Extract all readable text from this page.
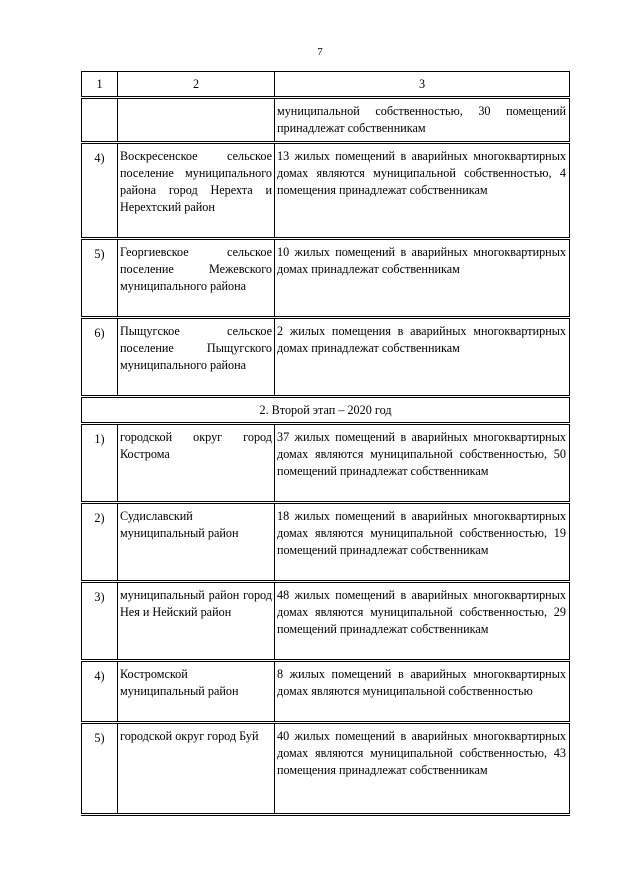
7
1	2	3
		муниципальной собственностью, 30 помещений принадлежат собственникам
4)	Воскресенское сельское поселение муниципального района город Нерехта и Нерехтский район	13 жилых помещений в аварийных многоквартирных домах являются муниципальной собственностью, 4 помещения принадлежат собственникам
5)	Георгиевское сельское поселение Межевского муниципального района	10 жилых помещений в аварийных многоквартирных домах принадлежат собственникам
6)	Пыщугское сельское поселение Пыщугского муниципального района	2 жилых помещения в аварийных многоквартирных домах принадлежат собственникам
2. Второй этап – 2020 год		
1)	городской округ город Кострома	37 жилых помещений в аварийных многоквартирных домах являются муниципальной собственностью, 50 помещений принадлежат собственникам
2)	Судиславский муниципальный район	18 жилых помещений в аварийных многоквартирных домах являются муниципальной собственностью, 19 помещений принадлежат собственникам
3)	муниципальный район город Нея и Нейский район	48 жилых помещений в аварийных многоквартирных домах являются муниципальной собственностью, 29 помещений принадлежат собственникам
4)	Костромской муниципальный район	8 жилых помещений в аварийных многоквартирных домах являются муниципальной собственностью
5)	городской округ город Буй	40 жилых помещений в аварийных многоквартирных домах являются муниципальной собственностью, 43 помещения принадлежат собственникам
